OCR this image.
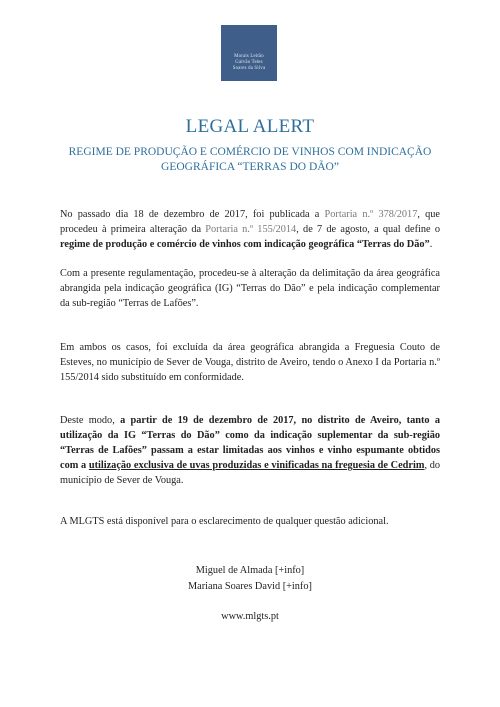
Morais Leitão
Galvão Teles
Soares da Silva
LEGAL ALERT
REGIME DE PRODUÇÃO E COMÉRCIO DE VINHOS COM INDICAÇÃO
GEOGRÁFICA “TERRAS DO DÃO”

No passado dia 18 de dezembro de 2017, foi publicada a Portaria n.º 378/2017, que procedeu à primeira alteração da Portaria n.º 155/2014, de 7 de agosto, a qual define o regime de produção e comércio de vinhos com indicação geográfica “Terras do Dão”.

Com a presente regulamentação, procedeu-se à alteração da delimitação da área geográfica abrangida pela indicação geográfica (IG) “Terras do Dão” e pela indicação complementar da sub-região “Terras de Lafões”.

Em ambos os casos, foi excluída da área geográfica abrangida a Freguesia Couto de Esteves, no município de Sever de Vouga, distrito de Aveiro, tendo o Anexo I da Portaria n.º 155/2014 sido substituído em conformidade.

Deste modo, a partir de 19 de dezembro de 2017, no distrito de Aveiro, tanto a utilização da IG “Terras do Dão” como da indicação suplementar da sub-região “Terras de Lafões” passam a estar limitadas aos vinhos e vinho espumante obtidos com a utilização exclusiva de uvas produzidas e vinificadas na freguesia de Cedrim, do município de Sever de Vouga.

A MLGTS está disponível para o esclarecimento de qualquer questão adicional.

Miguel de Almada [+info]
Mariana Soares David [+info]
www.mlgts.pt
